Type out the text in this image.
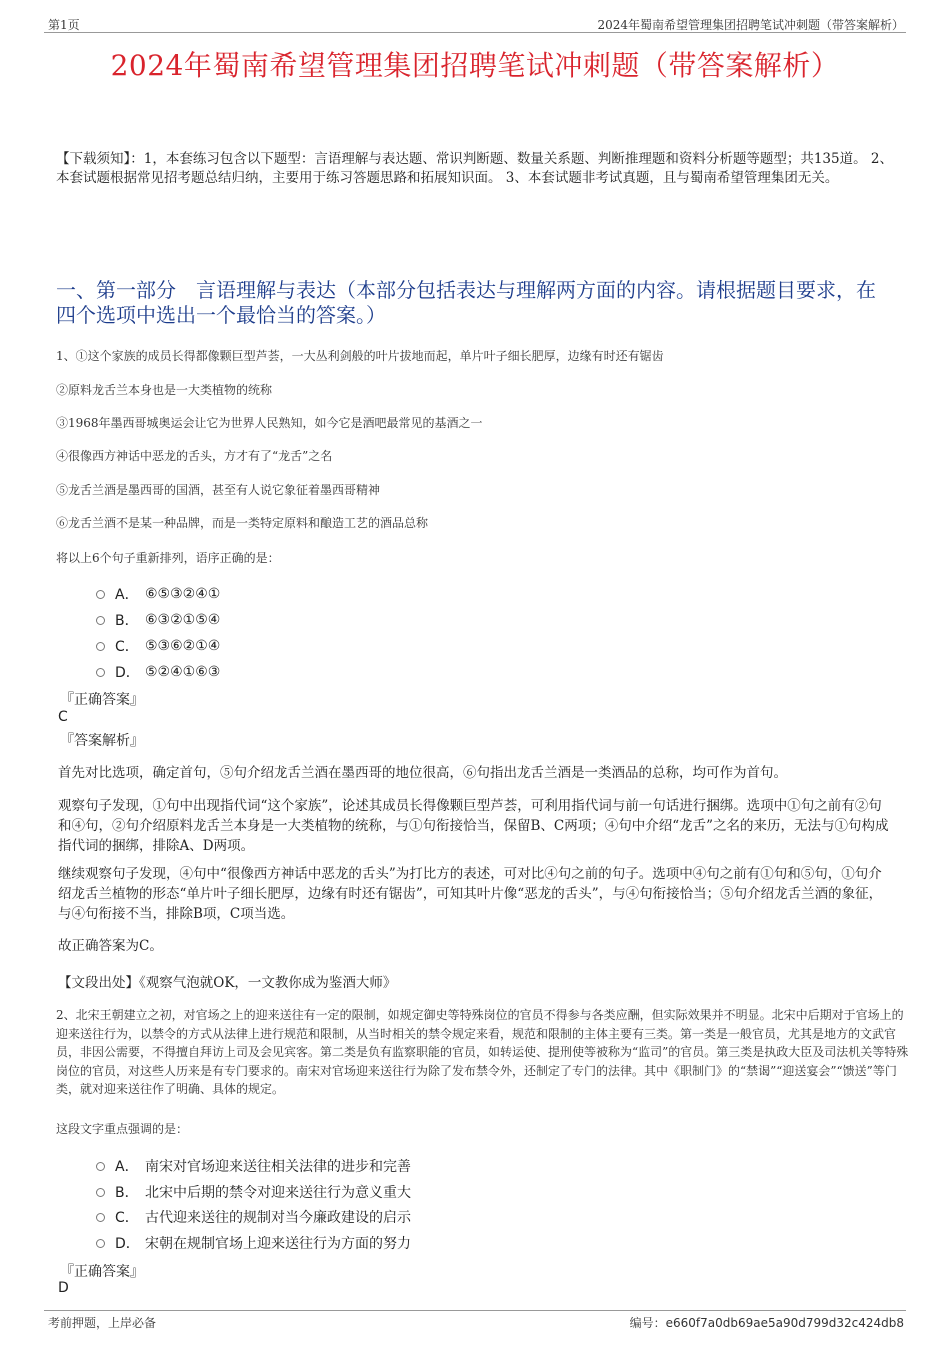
第1页	2024年蜀南希望管理集团招聘笔试冲刺题（带答案解析）
2024年蜀南希望管理集团招聘笔试冲刺题（带答案解析）
【下载须知】：1，本套练习包含以下题型：言语理解与表达题、常识判断题、数量关系题、判断推理题和资料分析题等题型；共135道。 2、本套试题根据常见招考题总结归纳，主要用于练习答题思路和拓展知识面。 3、本套试题非考试真题，且与蜀南希望管理集团无关。
一、第一部分　言语理解与表达（本部分包括表达与理解两方面的内容。请根据题目要求，在四个选项中选出一个最恰当的答案。）
1、①这个家族的成员长得都像颗巨型芦荟，一大丛利剑般的叶片拔地而起，单片叶子细长肥厚，边缘有时还有锯齿
②原料龙舌兰本身也是一大类植物的统称
③1968年墨西哥城奥运会让它为世界人民熟知，如今它是酒吧最常见的基酒之一
④很像西方神话中恶龙的舌头，方才有了“龙舌”之名
⑤龙舌兰酒是墨西哥的国酒，甚至有人说它象征着墨西哥精神
⑥龙舌兰酒不是某一种品牌，而是一类特定原料和酿造工艺的酒品总称
将以上6个句子重新排列，语序正确的是：
A． ⑥⑤③②④①
B． ⑥③②①⑤④
C． ⑤③⑥②①④
D． ⑤②④①⑥③
『正确答案』
C
『答案解析』
首先对比选项，确定首句，⑤句介绍龙舌兰酒在墨西哥的地位很高，⑥句指出龙舌兰酒是一类酒品的总称，均可作为首句。
观察句子发现，①句中出现指代词“这个家族”，论述其成员长得像颗巨型芦荟，可利用指代词与前一句话进行捆绑。选项中①句之前有②句和④句，②句介绍原料龙舌兰本身是一大类植物的统称，与①句衔接恰当，保留B、C两项；④句中介绍“龙舌”之名的来历，无法与①句构成指代词的捆绑，排除A、D两项。
继续观察句子发现，④句中“很像西方神话中恶龙的舌头”为打比方的表述，可对比④句之前的句子。选项中④句之前有①句和⑤句，①句介绍龙舌兰植物的形态“单片叶子细长肥厚，边缘有时还有锯齿”，可知其叶片像“恶龙的舌头”，与④句衔接恰当；⑤句介绍龙舌兰酒的象征，与④句衔接不当，排除B项，C项当选。
故正确答案为C。
【文段出处】《观察气泡就OK，一文教你成为鉴酒大师》
2、北宋王朝建立之初，对官场之上的迎来送往有一定的限制，如规定御史等特殊岗位的官员不得参与各类应酬，但实际效果并不明显。北宋中后期对于官场上的迎来送往行为，以禁令的方式从法律上进行规范和限制，从当时相关的禁令规定来看，规范和限制的主体主要有三类。第一类是一般官员，尤其是地方的文武官员，非因公需要，不得擅自拜访上司及会见宾客。第二类是负有监察职能的官员，如转运使、提刑使等被称为“监司”的官员。第三类是执政大臣及司法机关等特殊岗位的官员，对这些人历来是有专门要求的。南宋对官场迎来送往行为除了发布禁令外，还制定了专门的法律。其中《职制门》的“禁谒”“迎送宴会”“馈送”等门类，就对迎来送往作了明确、具体的规定。
这段文字重点强调的是：
A． 南宋对官场迎来送往相关法律的进步和完善
B． 北宋中后期的禁令对迎来送往行为意义重大
C． 古代迎来送往的规制对当今廉政建设的启示
D． 宋朝在规制官场上迎来送往行为方面的努力
『正确答案』
D
考前押题，上岸必备	编号：e660f7a0db69ae5a90d799d32c424db8
